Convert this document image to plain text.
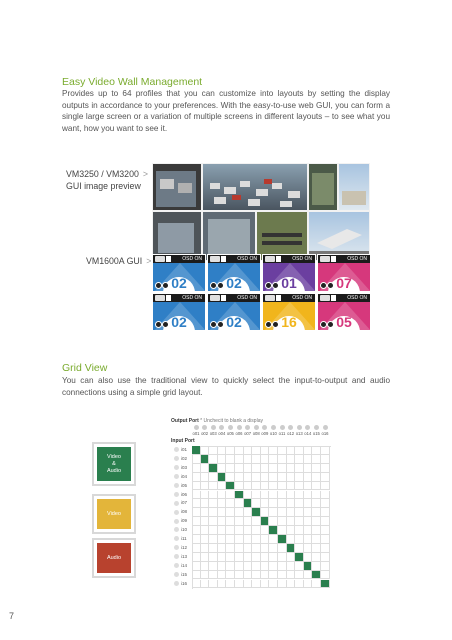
Easy Video Wall Management
Provides up to 64 profiles that you can customize into layouts by setting the display outputs in accordance to your preferences. With the easy-to-use web GUI, you can form a single large screen or a variation of multiple screens in different layouts – to see what you want, how you want to see it.
VM3250 / VM3200 >
GUI image preview
VM1600A GUI >	OSD ON
02
OSD ON
02
OSD ON
01
OSD ON
07
OSD ON
02
OSD ON
02
OSD ON
16
OSD ON
05
Grid View
You can also use the traditional view to quickly select the input-to-output and audio connections using a simple grid layout.
Video
&
Audio
Video
Audio
Output Port * Unchecit to blank a display
Input Port
o01 o02 o03 o04 o05 o06 o07 o08 o09 o10 o11 o12 o13 o14 o15 o16
i01
i02
i03
i04
i05
i06
i07
i08
i09
i10
i11
i12
i13
i14
i15
i16
7
